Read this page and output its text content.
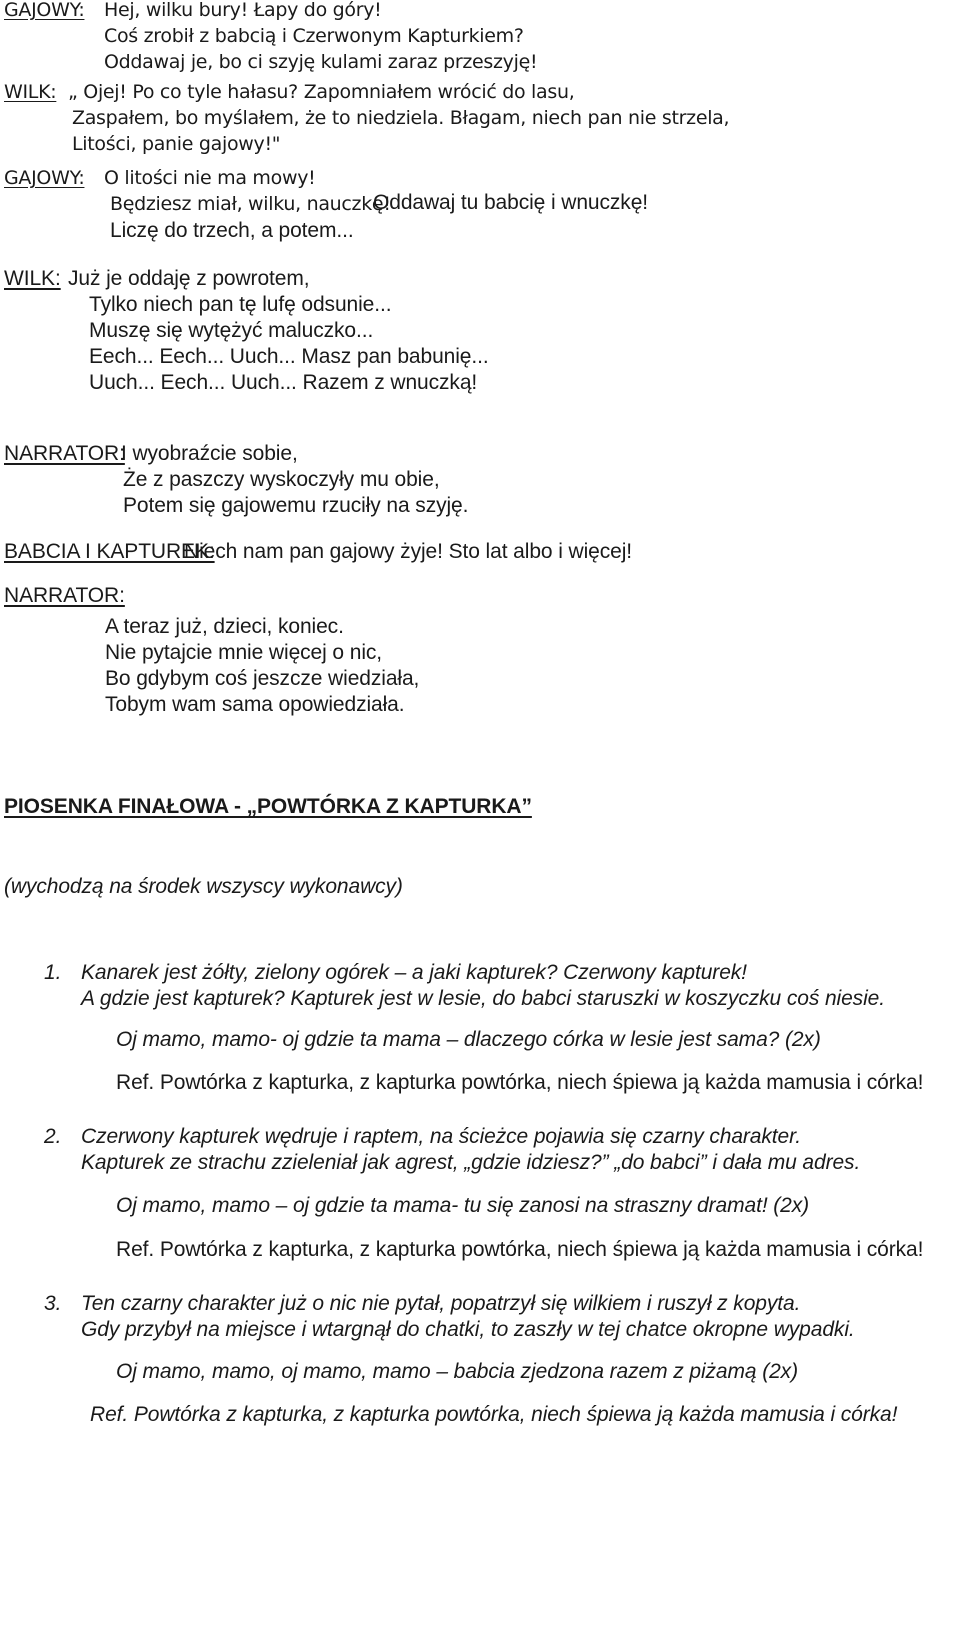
GAJOWY: Hej, wilku bury! Łapy do góry!
Coś zrobił z babcią i Czerwonym Kapturkiem?
Oddawaj je, bo ci szyję kulami zaraz przeszyję!
WILK: „ Ojej! Po co tyle hałasu? Zapomniałem wrócić do lasu,
Zaspałem, bo myślałem, że to niedziela. Błagam, niech pan nie strzela,
Litości, panie gajowy!"
GAJOWY: O litości nie ma mowy!
Będziesz miał, wilku, nauczkę!
Oddawaj tu babcię i wnuczkę!
Liczę do trzech, a potem...
WILK: Już je oddaję z powrotem,
Tylko niech pan tę lufę odsunie...
Muszę się wytężyć maluczko...
Eech... Eech... Uuch... Masz pan babunię...
Uuch... Eech... Uuch... Razem z wnuczką!
NARRATOR:
I wyobraźcie sobie,
Że z paszczy wyskoczyły mu obie,
Potem się gajowemu rzuciły na szyję.
BABCIA I KAPTUREK:
Niech nam pan gajowy żyje! Sto lat albo i więcej!
NARRATOR:
A teraz już, dzieci, koniec.
Nie pytajcie mnie więcej o nic,
Bo gdybym coś jeszcze wiedziała,
Tobym wam sama opowiedziała.
PIOSENKA FINAŁOWA - „POWTÓRKA Z KAPTURKA”
(wychodzą na środek wszyscy wykonawcy)
1. Kanarek jest żółty, zielony ogórek – a jaki kapturek? Czerwony kapturek!
A gdzie jest kapturek? Kapturek jest w lesie, do babci staruszki w koszyczku coś niesie.
Oj mamo, mamo- oj gdzie ta mama – dlaczego córka w lesie jest sama? (2x)
Ref. Powtórka z kapturka, z kapturka powtórka, niech śpiewa ją każda mamusia i córka!
2. Czerwony kapturek wędruje i raptem, na ścieżce pojawia się czarny charakter.
Kapturek ze strachu zzieleniał jak agrest, „gdzie idziesz?” „do babci” i dała mu adres.
Oj mamo, mamo – oj gdzie ta mama- tu się zanosi na straszny dramat! (2x)
Ref. Powtórka z kapturka, z kapturka powtórka, niech śpiewa ją każda mamusia i córka!
3. Ten czarny charakter już o nic nie pytał, popatrzył się wilkiem i ruszył z kopyta.
Gdy przybył na miejsce i wtargnął do chatki, to zaszły w tej chatce okropne wypadki.
Oj mamo, mamo, oj mamo, mamo – babcia zjedzona razem z piżamą (2x)
Ref. Powtórka z kapturka, z kapturka powtórka, niech śpiewa ją każda mamusia i córka!
